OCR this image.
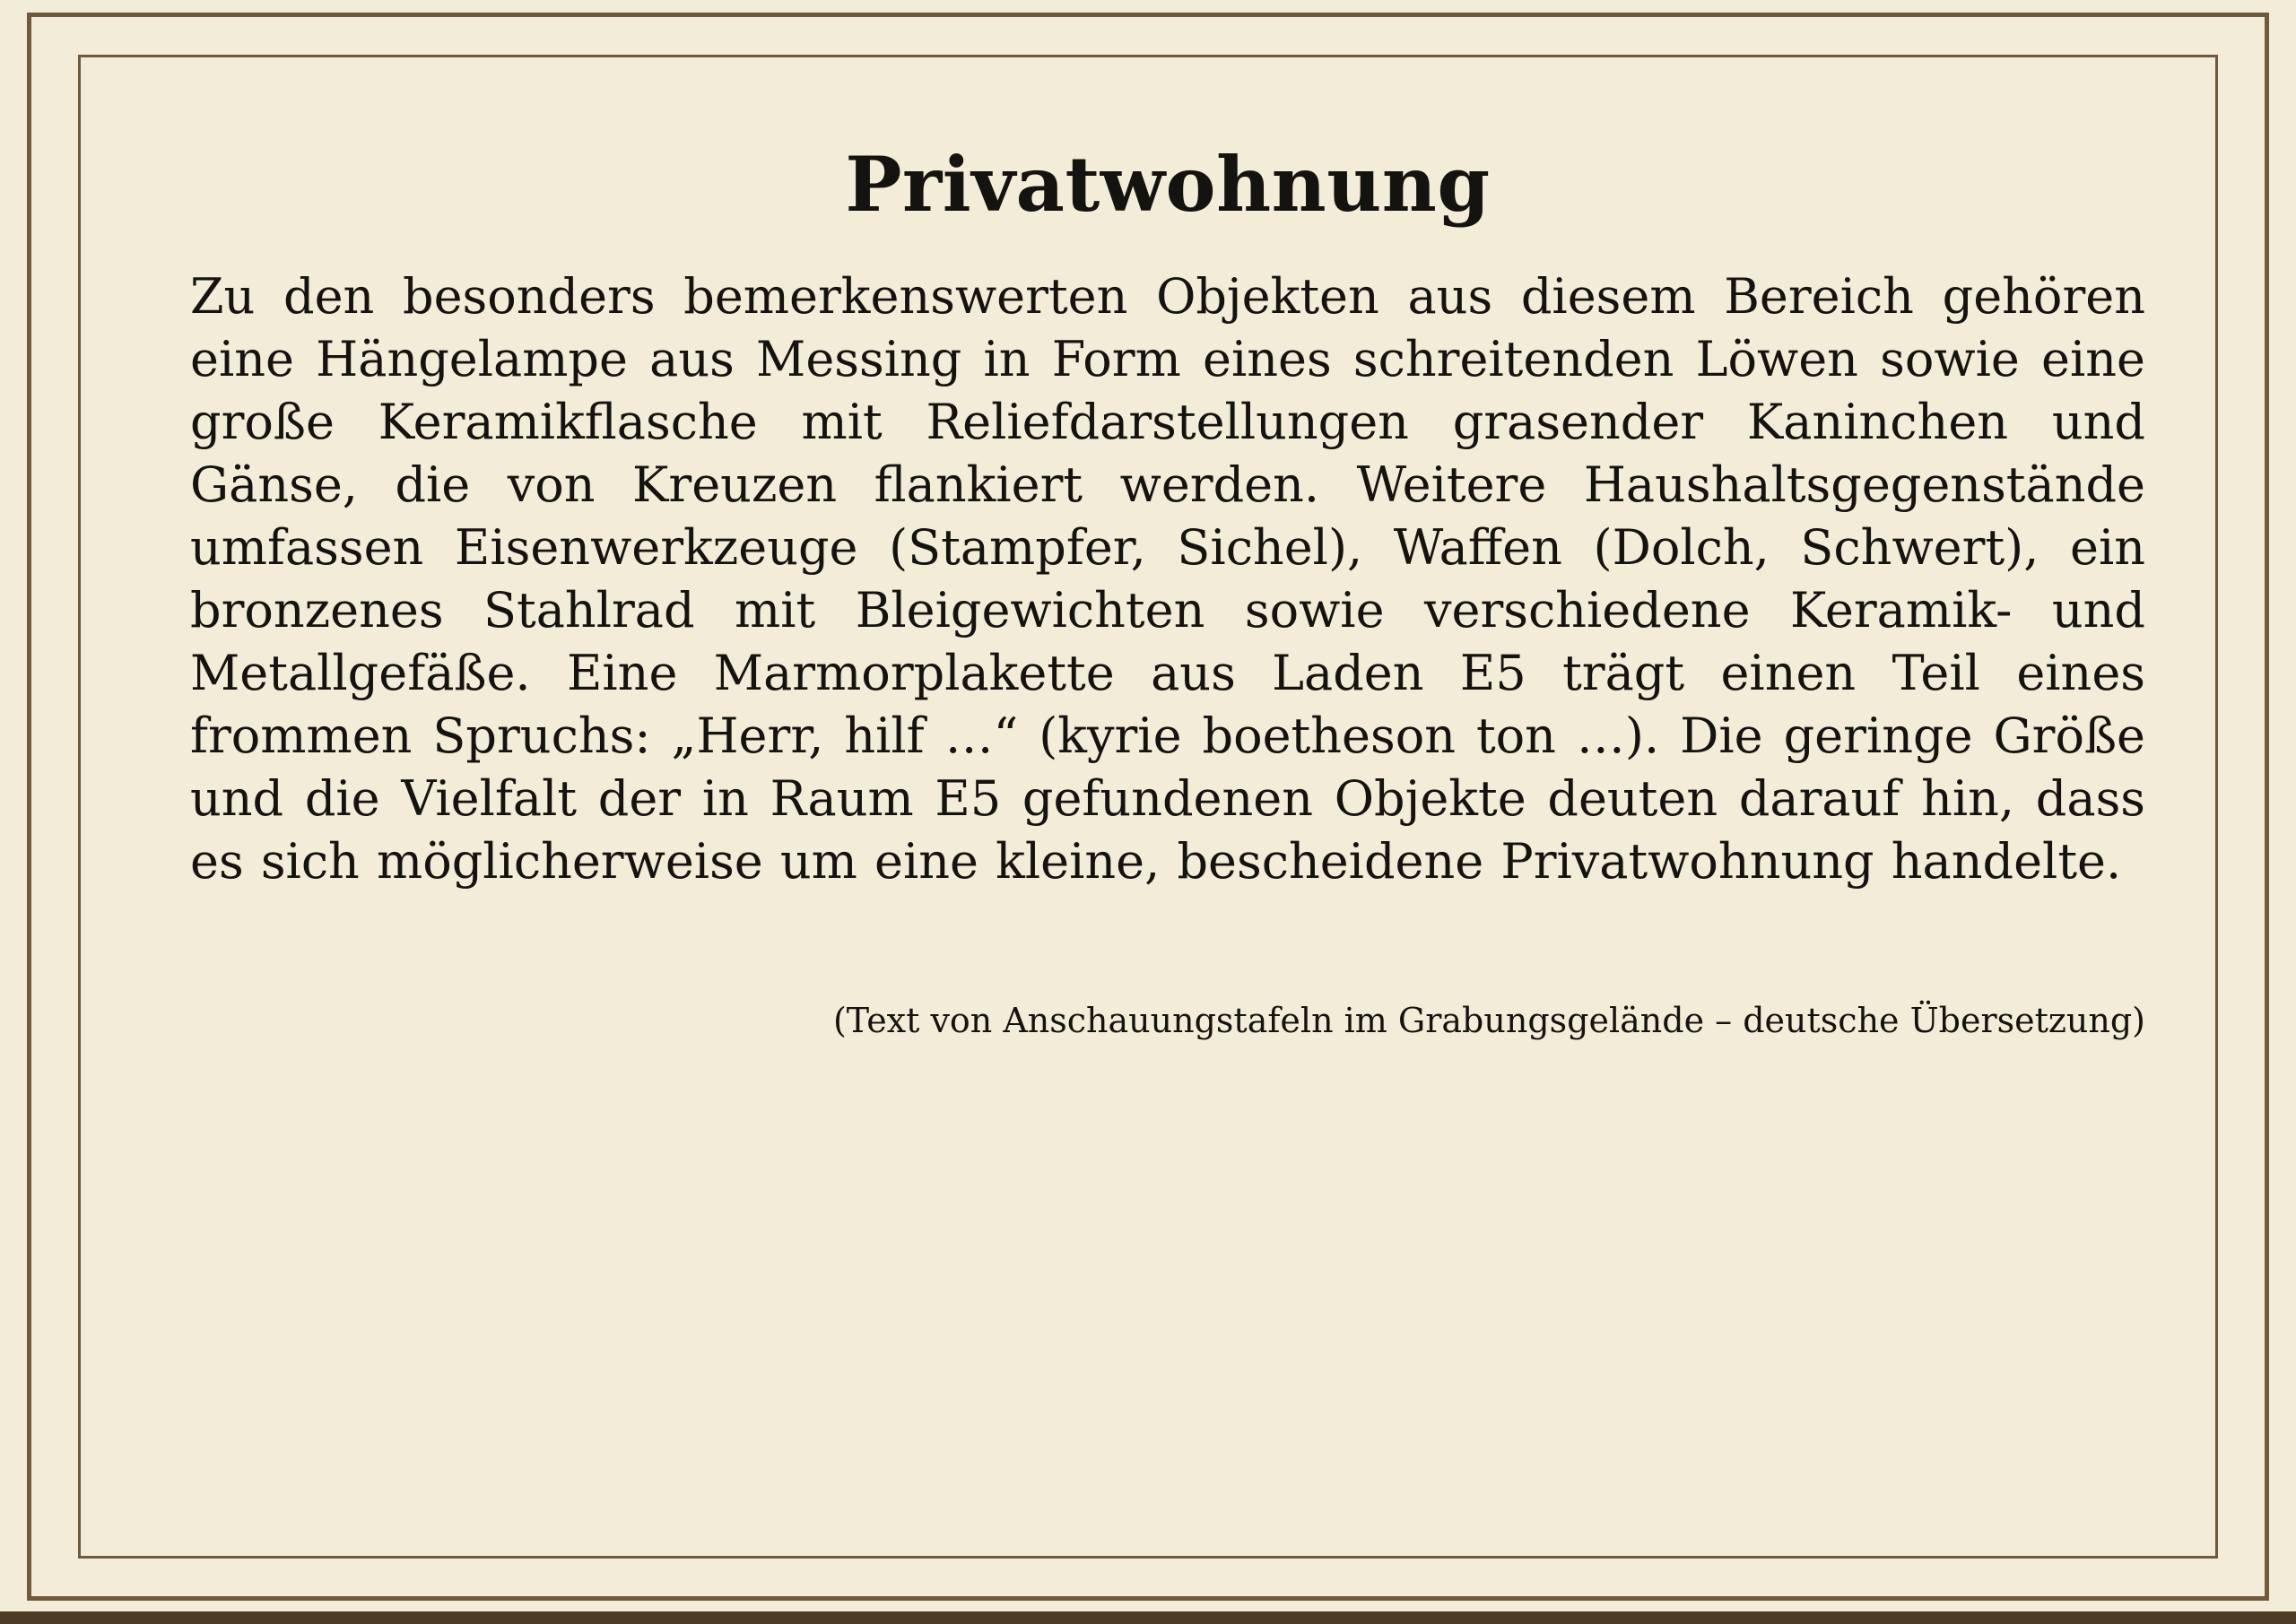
Privatwohnung

Zu den besonders bemerkenswerten Objekten aus diesem Bereich gehören eine Hängelampe aus Messing in Form eines schreitenden Löwen sowie eine große Keramikflasche mit Reliefdarstellungen grasender Kaninchen und Gänse, die von Kreuzen flankiert werden. Weitere Haushaltsgegenstände umfassen Eisenwerkzeuge (Stampfer, Sichel), Waffen (Dolch, Schwert), ein bronzenes Stahlrad mit Bleigewichten sowie verschiedene Keramik- und Metallgefäße. Eine Marmorplakette aus Laden E5 trägt einen Teil eines frommen Spruchs: „Herr, hilf …“ (kyrie boetheson ton …). Die geringe Größe und die Vielfalt der in Raum E5 gefundenen Objekte deuten darauf hin, dass es sich möglicherweise um eine kleine, bescheidene Privatwohnung handelte.

(Text von Anschauungstafeln im Grabungsgelände – deutsche Übersetzung)
